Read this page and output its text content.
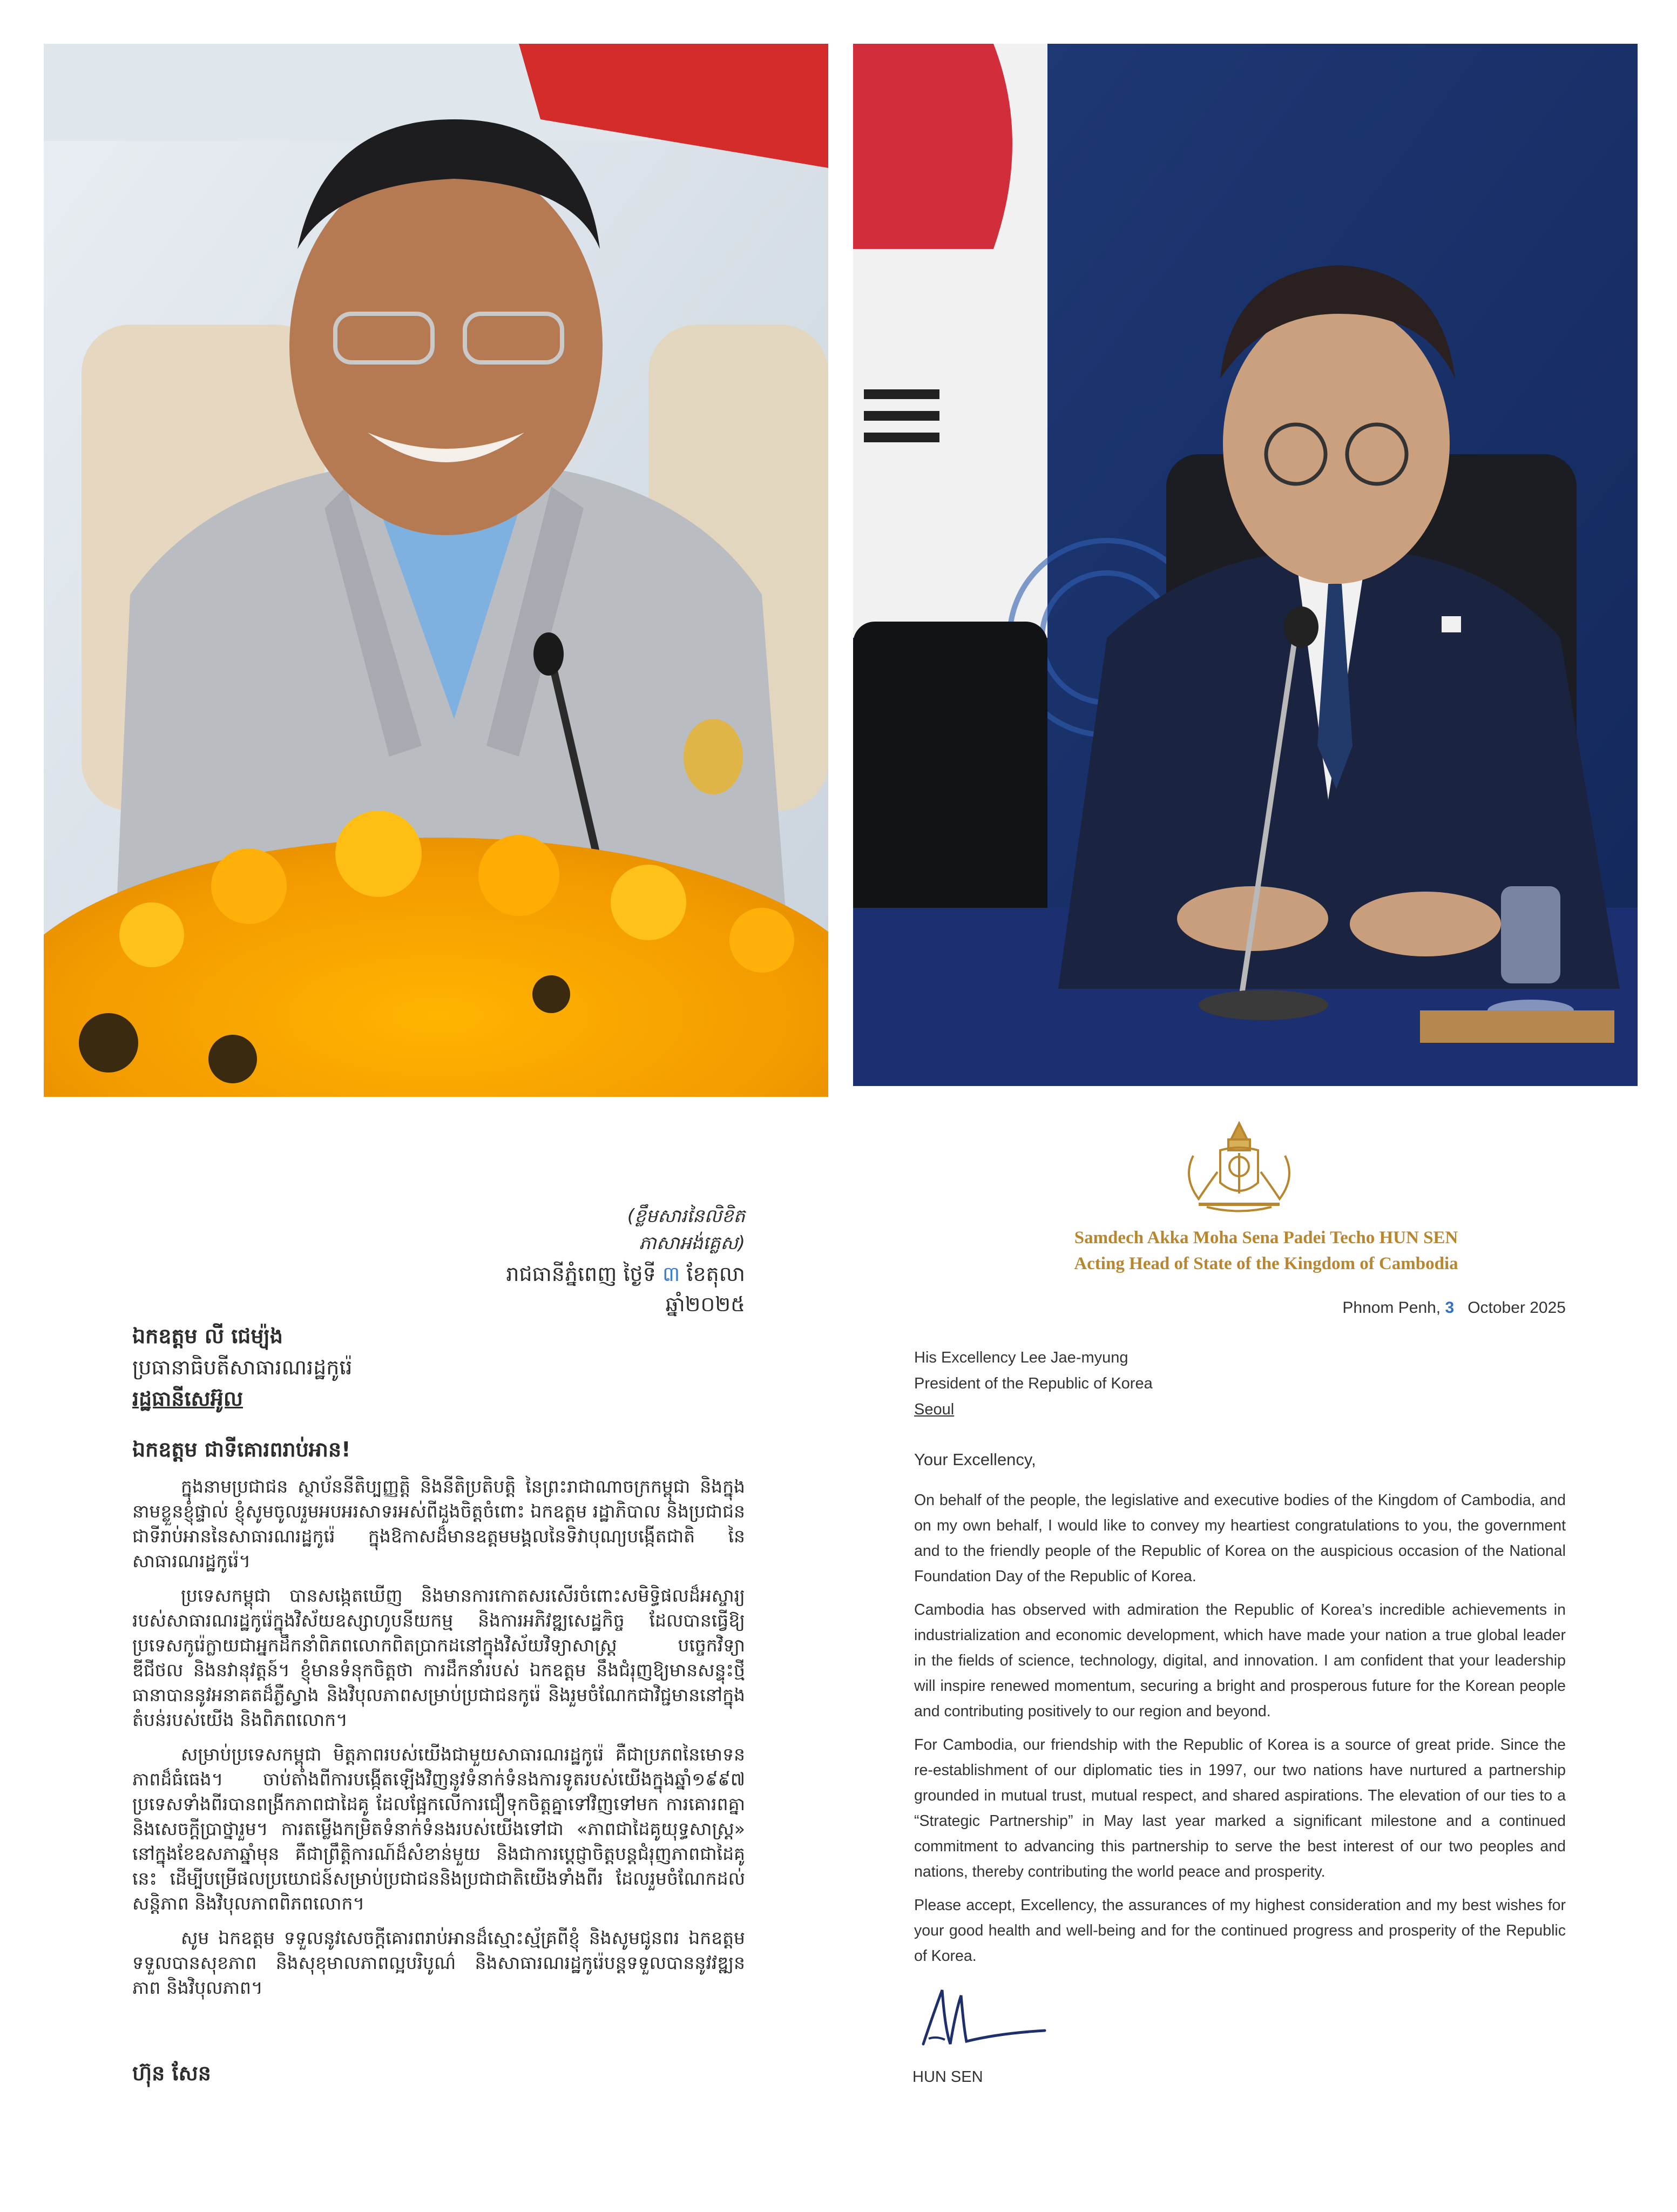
(ខ្លឹមសារនៃលិខិតភាសាអង់គ្លេស)
រាជធានីភ្នំពេញ ថ្ងៃទី ៣ ខែតុលា ឆ្នាំ២០២៥
ឯកឧត្តម លី ជេម្យ៉ុង
ប្រធានាធិបតីសាធារណរដ្ឋកូរ៉េ
រដ្ឋធានីសេអ៊ូល
ឯកឧត្តម ជាទីគោរពរាប់អាន!

ក្នុងនាមប្រជាជន ស្ថាប័ននីតិប្បញ្ញត្តិ និងនីតិប្រតិបត្តិ នៃព្រះរាជាណាចក្រកម្ពុជា និងក្នុងនាមខ្លួនខ្ញុំផ្ទាល់ ខ្ញុំសូមចូលរួមអបអរសាទរអស់ពីដួងចិត្តចំពោះ ឯកឧត្តម រដ្ឋាភិបាល និងប្រជាជនជាទីរាប់អាននៃសាធារណរដ្ឋកូរ៉េ ក្នុងឱកាសដ៏មានឧត្តមមង្គលនៃទិវាបុណ្យបង្កើតជាតិ នៃសាធារណរដ្ឋកូរ៉េ។

ប្រទេសកម្ពុជា បានសង្កេតឃើញ និងមានការកោតសរសើរចំពោះសមិទ្ធិផលដ៏អស្ចារ្យរបស់សាធារណរដ្ឋកូរ៉េក្នុងវិស័យឧស្សាហូបនីយកម្ម និងការអភិវឌ្ឍសេដ្ឋកិច្ច ដែលបានធ្វើឱ្យប្រទេសកូរ៉េក្លាយជាអ្នកដឹកនាំពិភពលោកពិតប្រាកដនៅក្នុងវិស័យវិទ្យាសាស្ត្រ បច្ចេកវិទ្យា ឌីជីថល និងនវានុវត្តន៍។ ខ្ញុំមានទំនុកចិត្តថា ការដឹកនាំរបស់ ឯកឧត្តម នឹងជំរុញឱ្យមានសន្ទុះថ្មី ធានាបាននូវអនាគតដ៏ភ្លឺស្វាង និងវិបុលភាពសម្រាប់ប្រជាជនកូរ៉េ និងរួមចំណែកជាវិជ្ជមាននៅក្នុងតំបន់របស់យើង និងពិភពលោក។

សម្រាប់ប្រទេសកម្ពុជា មិត្តភាពរបស់យើងជាមួយសាធារណរដ្ឋកូរ៉េ គឺជាប្រភពនៃមោទនភាពដ៏ធំធេង។ ចាប់តាំងពីការបង្កើតឡើងវិញនូវទំនាក់ទំនងការទូតរបស់យើងក្នុងឆ្នាំ១៩៩៧ ប្រទេសទាំងពីរបានពង្រីកភាពជាដៃគូ ដែលផ្អែកលើការជឿទុកចិត្តគ្នាទៅវិញទៅមក ការគោរពគ្នា និងសេចក្តីប្រាថ្នារួម។ ការតម្លើងកម្រិតទំនាក់ទំនងរបស់យើងទៅជា «ភាពជាដៃគូយុទ្ធសាស្ត្រ» នៅក្នុងខែឧសភាឆ្នាំមុន គឺជាព្រឹត្តិការណ៍ដ៏សំខាន់មួយ និងជាការប្តេជ្ញាចិត្តបន្តជំរុញភាពជាដៃគូនេះ ដើម្បីបម្រើផលប្រយោជន៍សម្រាប់ប្រជាជននិងប្រជាជាតិយើងទាំងពីរ ដែលរួមចំណែកដល់សន្តិភាព និងវិបុលភាពពិភពលោក។

សូម ឯកឧត្តម ទទួលនូវសេចក្តីគោរពរាប់អានដ៏ស្មោះស្ម័គ្រពីខ្ញុំ និងសូមជូនពរ ឯកឧត្តម ទទួលបានសុខភាព និងសុខុមាលភាពល្អបរិបូណ៌ និងសាធារណរដ្ឋកូរ៉េបន្តទទួលបាននូវវឌ្ឍនភាព និងវិបុលភាព។

ហ៊ុន សែន
Samdech Akka Moha Sena Padei Techo HUN SEN
Acting Head of State of the Kingdom of Cambodia
Phnom Penh, 3 October 2025
His Excellency Lee Jae-myung
President of the Republic of Korea
Seoul
Your Excellency,

On behalf of the people, the legislative and executive bodies of the Kingdom of Cambodia, and on my own behalf, I would like to convey my heartiest congratulations to you, the government and to the friendly people of the Republic of Korea on the auspicious occasion of the National Foundation Day of the Republic of Korea.

Cambodia has observed with admiration the Republic of Korea’s incredible achievements in industrialization and economic development, which have made your nation a true global leader in the fields of science, technology, digital, and innovation. I am confident that your leadership will inspire renewed momentum, securing a bright and prosperous future for the Korean people and contributing positively to our region and beyond.

For Cambodia, our friendship with the Republic of Korea is a source of great pride. Since the re-establishment of our diplomatic ties in 1997, our two nations have nurtured a partnership grounded in mutual trust, mutual respect, and shared aspirations. The elevation of our ties to a “Strategic Partnership” in May last year marked a significant milestone and a continued commitment to advancing this partnership to serve the best interest of our two peoples and nations, thereby contributing the world peace and prosperity.

Please accept, Excellency, the assurances of my highest consideration and my best wishes for your good health and well-being and for the continued progress and prosperity of the Republic of Korea.

HUN SEN
